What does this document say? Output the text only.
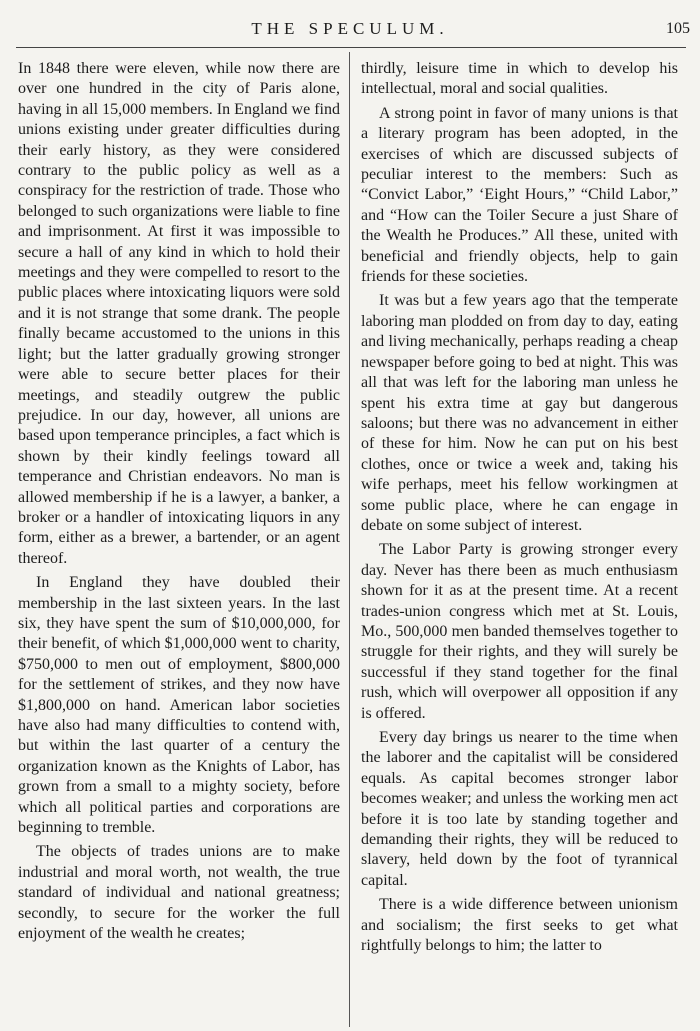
THE SPECULUM.	105

In 1848 there were eleven, while now there are over one hundred in the city of Paris alone, having in all 15,000 members. In England we find unions existing under greater difficulties during their early history, as they were considered contrary to the public policy as well as a conspiracy for the restriction of trade. Those who belonged to such organizations were liable to fine and imprisonment. At first it was impossible to secure a hall of any kind in which to hold their meetings and they were compelled to resort to the public places where intoxicating liquors were sold and it is not strange that some drank. The people finally became accustomed to the unions in this light; but the latter gradually growing stronger were able to secure better places for their meetings, and steadily outgrew the public prejudice. In our day, however, all unions are based upon temperance principles, a fact which is shown by their kindly feelings toward all temperance and Christian endeavors. No man is allowed membership if he is a lawyer, a banker, a broker or a handler of intoxicating liquors in any form, either as a brewer, a bartender, or an agent thereof.

In England they have doubled their membership in the last sixteen years. In the last six, they have spent the sum of $10,000,000, for their benefit, of which $1,000,000 went to charity, $750,000 to men out of employment, $800,000 for the settlement of strikes, and they now have $1,800,000 on hand. American labor societies have also had many difficulties to contend with, but within the last quarter of a century the organization known as the Knights of Labor, has grown from a small to a mighty society, before which all political parties and corporations are beginning to tremble.

The objects of trades unions are to make industrial and moral worth, not wealth, the true standard of individual and national greatness; secondly, to secure for the worker the full enjoyment of the wealth he creates;

thirdly, leisure time in which to develop his intellectual, moral and social qualities.

A strong point in favor of many unions is that a literary program has been adopted, in the exercises of which are discussed subjects of peculiar interest to the members: Such as “Convict Labor,” ‘Eight Hours,” “Child Labor,” and “How can the Toiler Secure a just Share of the Wealth he Produces.” All these, united with beneficial and friendly objects, help to gain friends for these societies.

It was but a few years ago that the temperate laboring man plodded on from day to day, eating and living mechanically, perhaps reading a cheap newspaper before going to bed at night. This was all that was left for the laboring man unless he spent his extra time at gay but dangerous saloons; but there was no advancement in either of these for him. Now he can put on his best clothes, once or twice a week and, taking his wife perhaps, meet his fellow workingmen at some public place, where he can engage in debate on some subject of interest.

The Labor Party is growing stronger every day. Never has there been as much enthusiasm shown for it as at the present time. At a recent trades-union congress which met at St. Louis, Mo., 500,000 men banded themselves together to struggle for their rights, and they will surely be successful if they stand together for the final rush, which will overpower all opposition if any is offered.

Every day brings us nearer to the time when the laborer and the capitalist will be considered equals. As capital becomes stronger labor becomes weaker; and unless the working men act before it is too late by standing together and demanding their rights, they will be reduced to slavery, held down by the foot of tyrannical capital.

There is a wide difference between unionism and socialism; the first seeks to get what rightfully belongs to him; the latter to
